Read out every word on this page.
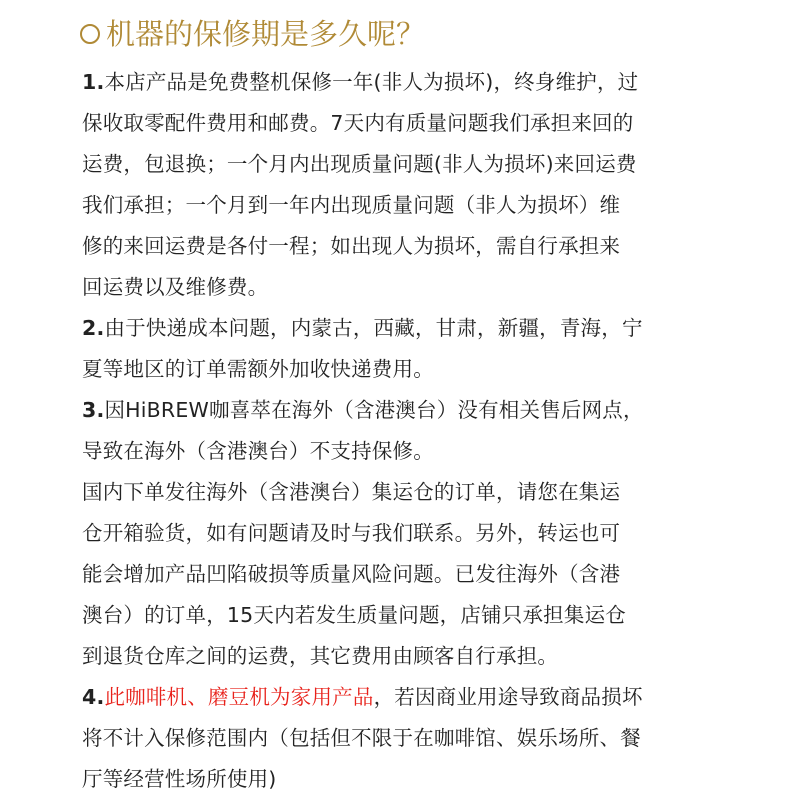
机器的保修期是多久呢？
1.本店产品是免费整机保修一年(非人为损坏)，终身维护，过
保收取零配件费用和邮费。7天内有质量问题我们承担来回的
运费，包退换；一个月内出现质量问题(非人为损坏)来回运费
我们承担；一个月到一年内出现质量问题（非人为损坏）维
修的来回运费是各付一程；如出现人为损坏，需自行承担来
回运费以及维修费。
2.由于快递成本问题，内蒙古，西藏，甘肃，新疆，青海，宁
夏等地区的订单需额外加收快递费用。
3.因HiBREW咖喜萃在海外（含港澳台）没有相关售后网点，
导致在海外（含港澳台）不支持保修。
国内下单发往海外（含港澳台）集运仓的订单，请您在集运
仓开箱验货，如有问题请及时与我们联系。另外，转运也可
能会增加产品凹陷破损等质量风险问题。已发往海外（含港
澳台）的订单，15天内若发生质量问题，店铺只承担集运仓
到退货仓库之间的运费，其它费用由顾客自行承担。
4.此咖啡机、磨豆机为家用产品，若因商业用途导致商品损坏
将不计入保修范围内（包括但不限于在咖啡馆、娱乐场所、餐
厅等经营性场所使用)
